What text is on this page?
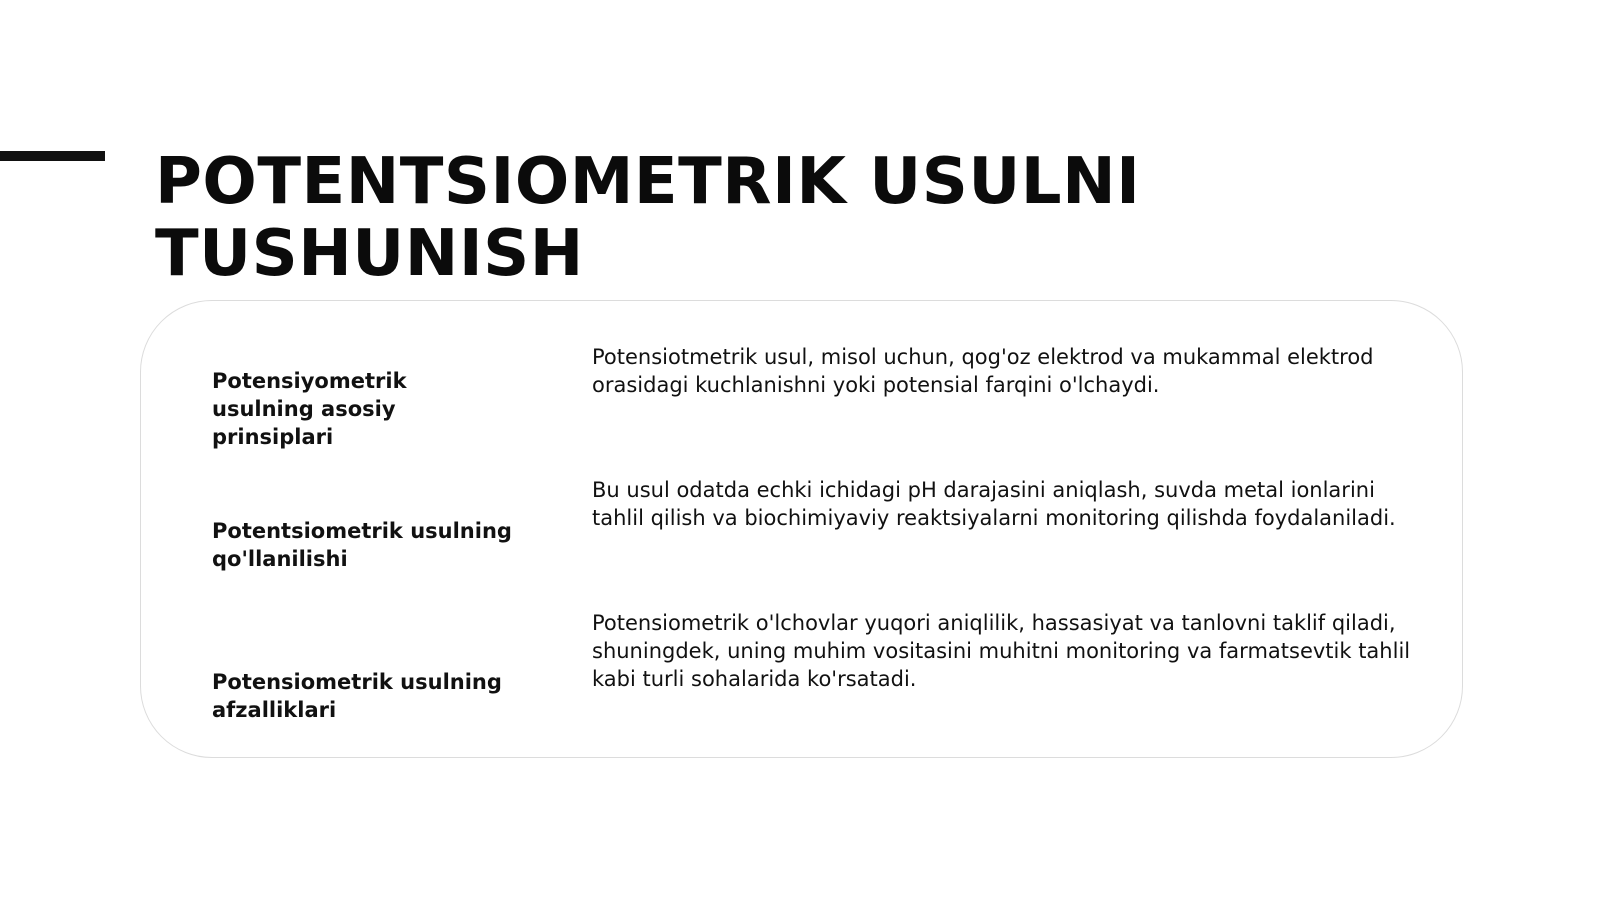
POTENTSIOMETRIK USULNI TUSHUNISH
Potensiyometrik usulning asosiy prinsiplari
Potensiotmetrik usul, misol uchun, qog'oz elektrod va mukammal elektrod orasidagi kuchlanishni yoki potensial farqini o'lchaydi.
Potentsiometrik usulning qo'llanilishi
Bu usul odatda echki ichidagi pH darajasini aniqlash, suvda metal ionlarini tahlil qilish va biochimiyaviy reaktsiyalarni monitoring qilishda foydalaniladi.
Potensiometrik usulning afzalliklari
Potensiometrik o'lchovlar yuqori aniqlilik, hassasiyat va tanlovni taklif qiladi, shuningdek, uning muhim vositasini muhitni monitoring va farmatsevtik tahlil kabi turli sohalarida ko'rsatadi.
